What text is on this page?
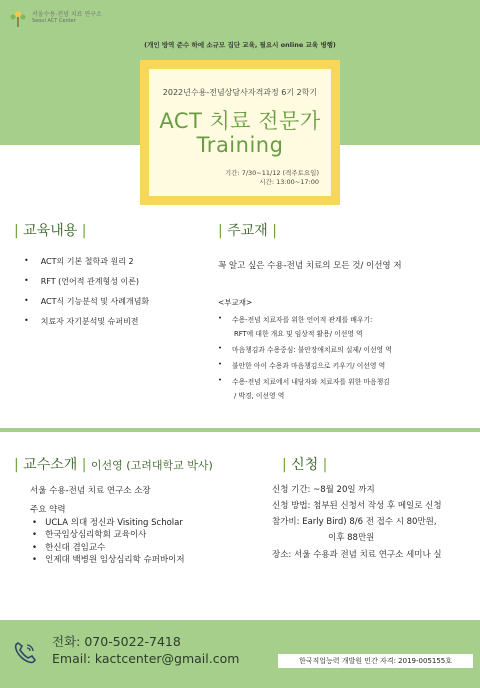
서울수용-전념 치료 연구소
Seoul ACT Center
(개인 방역 준수 하에 소규모 집단 교육, 필요시 online 교육 병행)
2022년수용-전념상담사자격과정 6기 2학기
ACT 치료 전문가
Training
기간: 7/30~11/12 (격주토요일)
시간: 13:00~17:00
| 교육내용 |
• ACT의 기본 철학과 원리 2
• RFT (언어적 관계형성 이론)
• ACT식 기능분석 및 사례개념화
• 치료자 자기분석및 슈퍼비전
| 주교재 |
꼭 알고 싶은 수용-전념 치료의 모든 것/ 이선영 저
<부교재>
• 수용-전념 치료자를 위한 언어적 관계를 배우기:
RFT에 대한 개요 및 임상적 활용/ 이선영 역
• 마음챙김과 수용중심: 불안장애치료의 실제/ 이선영 역
• 불안한 아이 수용과 마음챙김으로 키우기/ 이선영 역
• 수용-전념 치료에서 내담자와 치료자를 위한 마음챙김
/ 박경, 이선영 역
| 교수소개 | 이선영 (고려대학교 박사)
서울 수용-전념 치료 연구소 소장
주요 약력
•   UCLA 의대 정신과 Visiting Scholar
•   한국임상심리학회 교육이사
•   한신대 겸임교수
•   인제대 백병원 임상심리학 슈퍼바이저
| 신청 |
신청 기간: ~8월 20일 까지
신청 방법: 첨부된 신청서 작성 후 메일로 신청
참가비: Early Bird) 8/6 전 접수 시 80만원,
이후 88만원
장소: 서울 수용과 전념 치료 연구소 세미나 실
전화: 070-5022-7418
Email: kactcenter@gmail.com	한국직업능력 개발원 민간 자격: 2019-005155호
